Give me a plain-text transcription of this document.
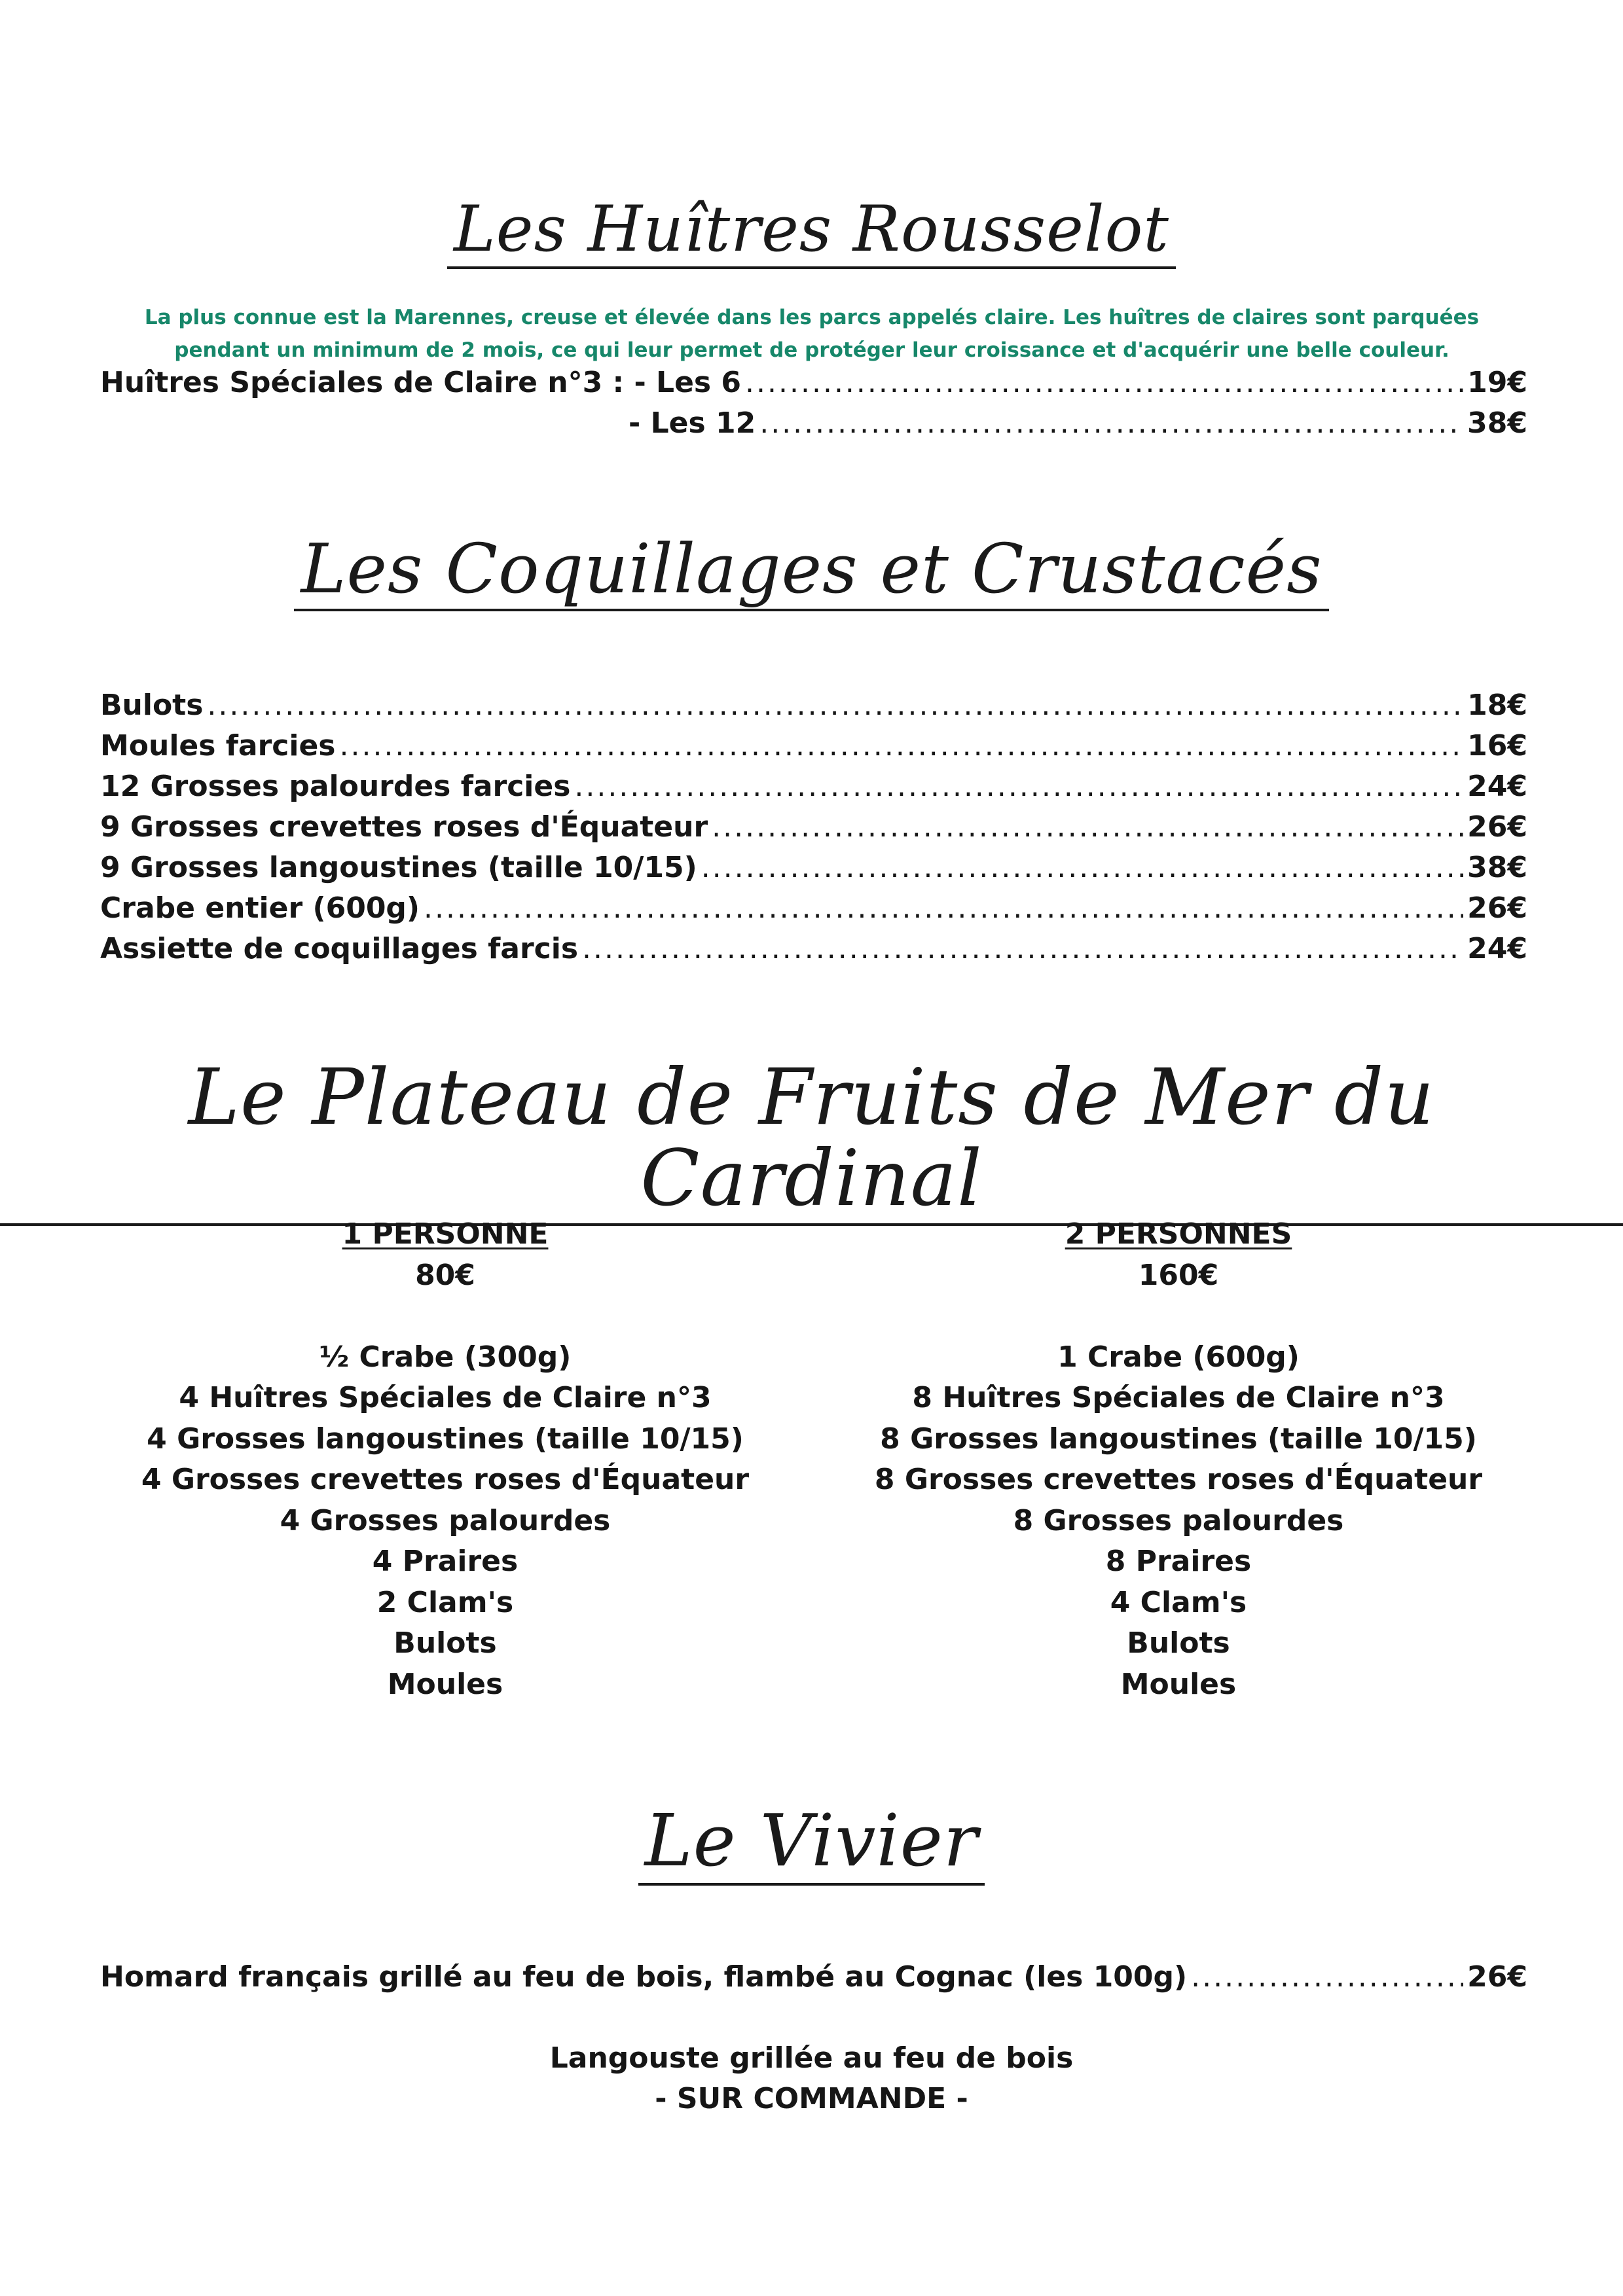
Les Huîtres Rousselot
La plus connue est la Marennes, creuse et élevée dans les parcs appelés claire. Les huîtres de claires sont parquées pendant un minimum de 2 mois, ce qui leur permet de protéger leur croissance et d'acquérir une belle couleur.
Huîtres Spéciales de Claire n°3 : - Les 6 .....	19€
- Les 12 .....	38€
Les Coquillages et Crustacés
Bulots .....	18€
Moules farcies .....	16€
12 Grosses palourdes farcies .....	24€
9 Grosses crevettes roses d'Équateur .....	26€
9 Grosses langoustines (taille 10/15) .....	38€
Crabe entier (600g) .....	26€
Assiette de coquillages farcis .....	24€
Le Plateau de Fruits de Mer du Cardinal
1 PERSONNE
80€
½ Crabe (300g)
4 Huîtres Spéciales de Claire n°3
4 Grosses langoustines (taille 10/15)
4 Grosses crevettes roses d'Équateur
4 Grosses palourdes
4 Praires
2 Clam's
Bulots
Moules
2 PERSONNES
160€
1 Crabe (600g)
8 Huîtres Spéciales de Claire n°3
8 Grosses langoustines (taille 10/15)
8 Grosses crevettes roses d'Équateur
8 Grosses palourdes
8 Praires
4 Clam's
Bulots
Moules
Le Vivier
Homard français grillé au feu de bois, flambé au Cognac (les 100g) .....	26€
Langouste grillée au feu de bois
- SUR COMMANDE -
